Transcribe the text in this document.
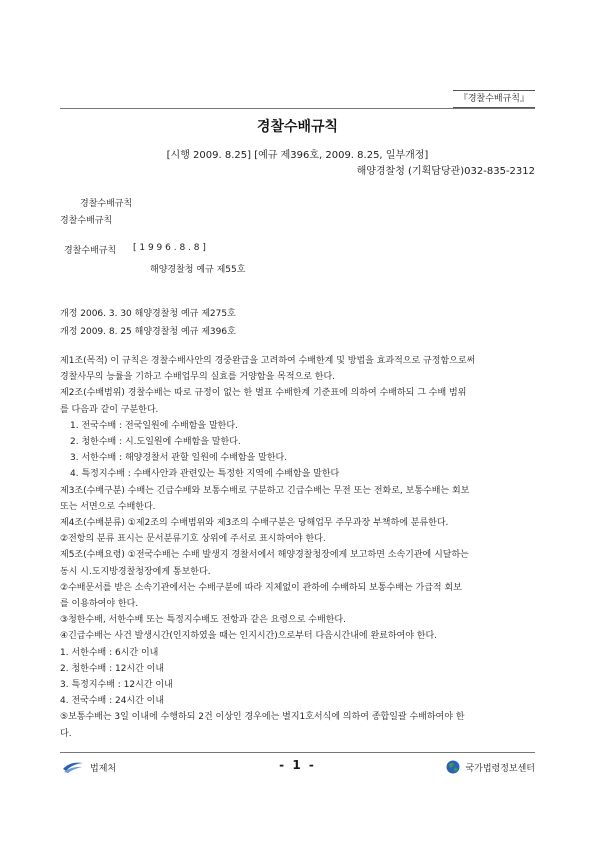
『경찰수배규칙』
경찰수배규칙
[시행 2009. 8.25] [예규 제396호, 2009. 8.25, 일부개정]
해양경찰청 (기획담당관)032-835-2312
경찰수배규칙
경찰수배규칙
경찰수배규칙 [ 1 9 9 6 . 8 . 8 ]
해양경찰청 예규 제55호
개정 2006. 3. 30 해양경찰청 예규 제275호
개정 2009. 8. 25 해양경찰청 예규 제396호
제1조(목적) 이 규칙은 경찰수배사안의 경중완급을 고려하여 수배한계 및 방법을 효과적으로 규정함으로써
경찰사무의 능률을 기하고 수배업무의 실효를 거양함을 목적으로 한다.
제2조(수배범위) 경찰수배는 따로 규정이 없는 한 별표 수배한계 기준표에 의하여 수배하되 그 수배 범위
를 다음과 같이 구분한다.
1. 전국수배 : 전국일원에 수배함을 말한다.
2. 청한수배 : 시.도일원에 수배함을 말한다.
3. 서한수배 : 해양경찰서 관할 일원에 수배함을 말한다.
4. 특정지수배 : 수배사안과 관련있는 특정한 지역에 수배함을 말한다
제3조(수배구분) 수배는 긴급수배와 보통수배로 구분하고 긴급수배는 무전 또는 전화로, 보통수배는 회보
또는 서면으로 수배한다.
제4조(수배분류) ①제2조의 수배범위와 제3조의 수배구분은 당해업무 주무과장 부책하에 분류한다.
②전항의 분류 표시는 문서분류기호 상위에 주서로 표시하여야 한다.
제5조(수배요령) ①전국수배는 수배 발생지 경찰서에서 해양경찰청장에게 보고하면 소속기관에 시달하는
동시 시.도지방경찰청장에게 통보한다.
②수배문서를 받은 소속기관에서는 수배구분에 따라 지체없이 관하에 수배하되 보통수배는 가급적 회보
를 이용하여야 한다.
③청한수배, 서한수배 또는 특정지수배도 전항과 같은 요령으로 수배한다.
④긴급수배는 사건 발생시간(인지하였을 때는 인지시간)으로부터 다음시간내에 완료하여야 한다.
1. 서한수배 : 6시간 이내
2. 청한수배 : 12시간 이내
3. 특정지수배 : 12시간 이내
4. 전국수배 : 24시간 이내
⑤보통수배는 3일 이내에 수행하되 2건 이상인 경우에는 별지1호서식에 의하여 종합일괄 수배하여야 한
다.
법제처	- 1 -	국가법령정보센터
